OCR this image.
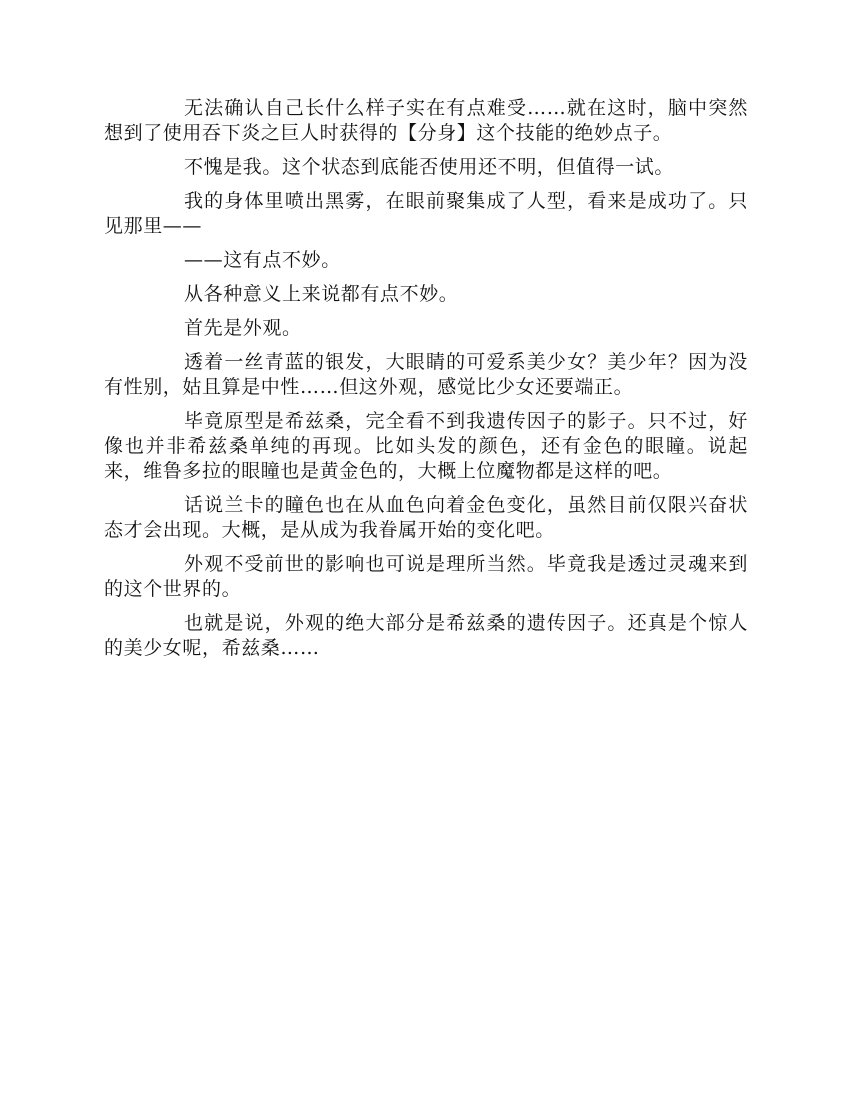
无法确认自己长什么样子实在有点难受……就在这时，脑中突然想到了使用吞下炎之巨人时获得的【分身】这个技能的绝妙点子。

不愧是我。这个状态到底能否使用还不明，但值得一试。

我的身体里喷出黑雾，在眼前聚集成了人型，看来是成功了。只见那里——

——这有点不妙。

从各种意义上来说都有点不妙。

首先是外观。

透着一丝青蓝的银发，大眼睛的可爱系美少女？美少年？因为没有性别，姑且算是中性……但这外观，感觉比少女还要端正。

毕竟原型是希兹桑，完全看不到我遗传因子的影子。只不过，好像也并非希兹桑单纯的再现。比如头发的颜色，还有金色的眼瞳。说起来，维鲁多拉的眼瞳也是黄金色的，大概上位魔物都是这样的吧。

话说兰卡的瞳色也在从血色向着金色变化，虽然目前仅限兴奋状态才会出现。大概，是从成为我眷属开始的变化吧。

外观不受前世的影响也可说是理所当然。毕竟我是透过灵魂来到的这个世界的。

也就是说，外观的绝大部分是希兹桑的遗传因子。还真是个惊人的美少女呢，希兹桑……
